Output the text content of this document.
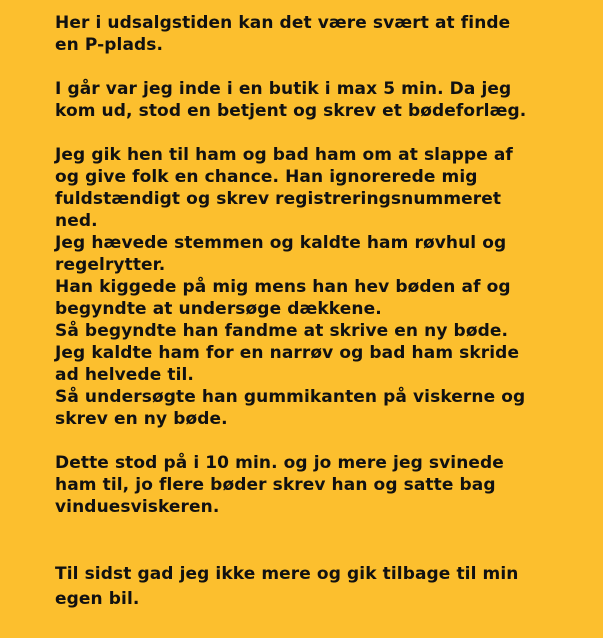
Her i udsalgstiden kan det være svært at finde
en P-plads.

I går var jeg inde i en butik i max 5 min. Da jeg
kom ud, stod en betjent og skrev et bødeforlæg.

Jeg gik hen til ham og bad ham om at slappe af
og give folk en chance. Han ignorerede mig
fuldstændigt og skrev registreringsnummeret
ned.
Jeg hævede stemmen og kaldte ham røvhul og
regelrytter.
Han kiggede på mig mens han hev bøden af og
begyndte at undersøge dækkene.
Så begyndte han fandme at skrive en ny bøde.
Jeg kaldte ham for en narrøv og bad ham skride
ad helvede til.
Så undersøgte han gummikanten på viskerne og
skrev en ny bøde.

Dette stod på i 10 min. og jo mere jeg svinede
ham til, jo flere bøder skrev han og satte bag
vinduesviskeren.

Til sidst gad jeg ikke mere og gik tilbage til min
egen bil.
